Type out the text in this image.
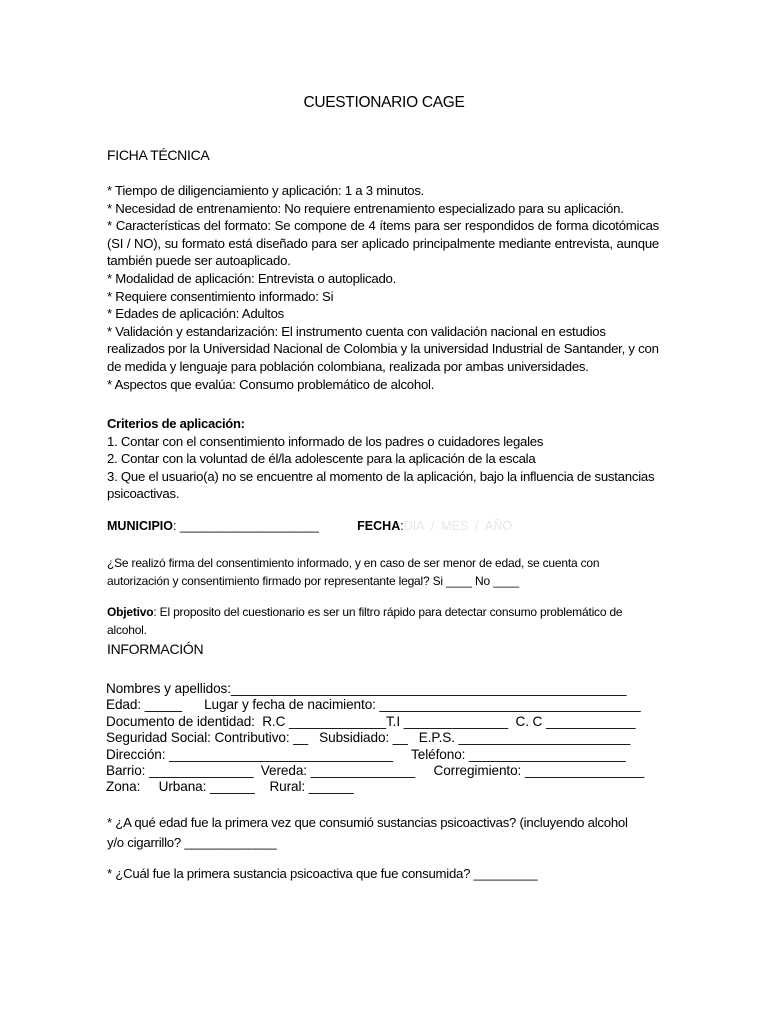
CUESTIONARIO CAGE
FICHA TÉCNICA

* Tiempo de diligenciamiento y aplicación: 1 a 3 minutos.

* Necesidad de entrenamiento: No requiere entrenamiento especializado para su aplicación.

* Características del formato: Se compone de 4 ítems para ser respondidos de forma dicotómicas (SI / NO), su formato está diseñado para ser aplicado principalmente mediante entrevista, aunque también puede ser autoaplicado.

* Modalidad de aplicación: Entrevista o autoplicado.

* Requiere consentimiento informado: Si

* Edades de aplicación: Adultos

* Validación y estandarización: El instrumento cuenta con validación nacional en estudios realizados por la Universidad Nacional de Colombia y la universidad Industrial de Santander, y con de medida y lenguaje para población colombiana, realizada por ambas universidades.

* Aspectos que evalúa: Consumo problemático de alcohol.

Criterios de aplicación:

1. Contar con el consentimiento informado de los padres o cuidadores legales

2. Contar con la voluntad de él/la adolescente para la aplicación de la escala

3. Que el usuario(a) no se encuentre al momento de la aplicación, bajo la influencia de sustancias psicoactivas.

MUNICIPIO: ____________________	FECHA:DIA  /  MES  /  AÑO
¿Se realizó firma del consentimiento informado, y en caso de ser menor de edad, se cuenta con autorización y consentimiento firmado por representante legal? Si ____ No ____
Objetivo: El proposito del cuestionario es ser un filtro rápido para detectar consumo problemático de alcohol.
INFORMACIÓN

Nombres y apellidos:_____________________________________________________

Edad: _____      Lugar y fecha de nacimiento: ___________________________________

Documento de identidad:  R.C _____________T.I ______________  C. C ____________

Seguridad Social: Contributivo: __   Subsidiado: __   E.P.S. _______________________

Dirección: ______________________________     Teléfono: _____________________

Barrio: ______________  Vereda: ______________     Corregimiento: ________________

Zona:     Urbana: ______    Rural: ______

* ¿A qué edad fue la primera vez que consumió sustancias psicoactivas? (incluyendo alcohol y/o cigarrillo? _____________
* ¿Cuál fue la primera sustancia psicoactiva que fue consumida? _________
